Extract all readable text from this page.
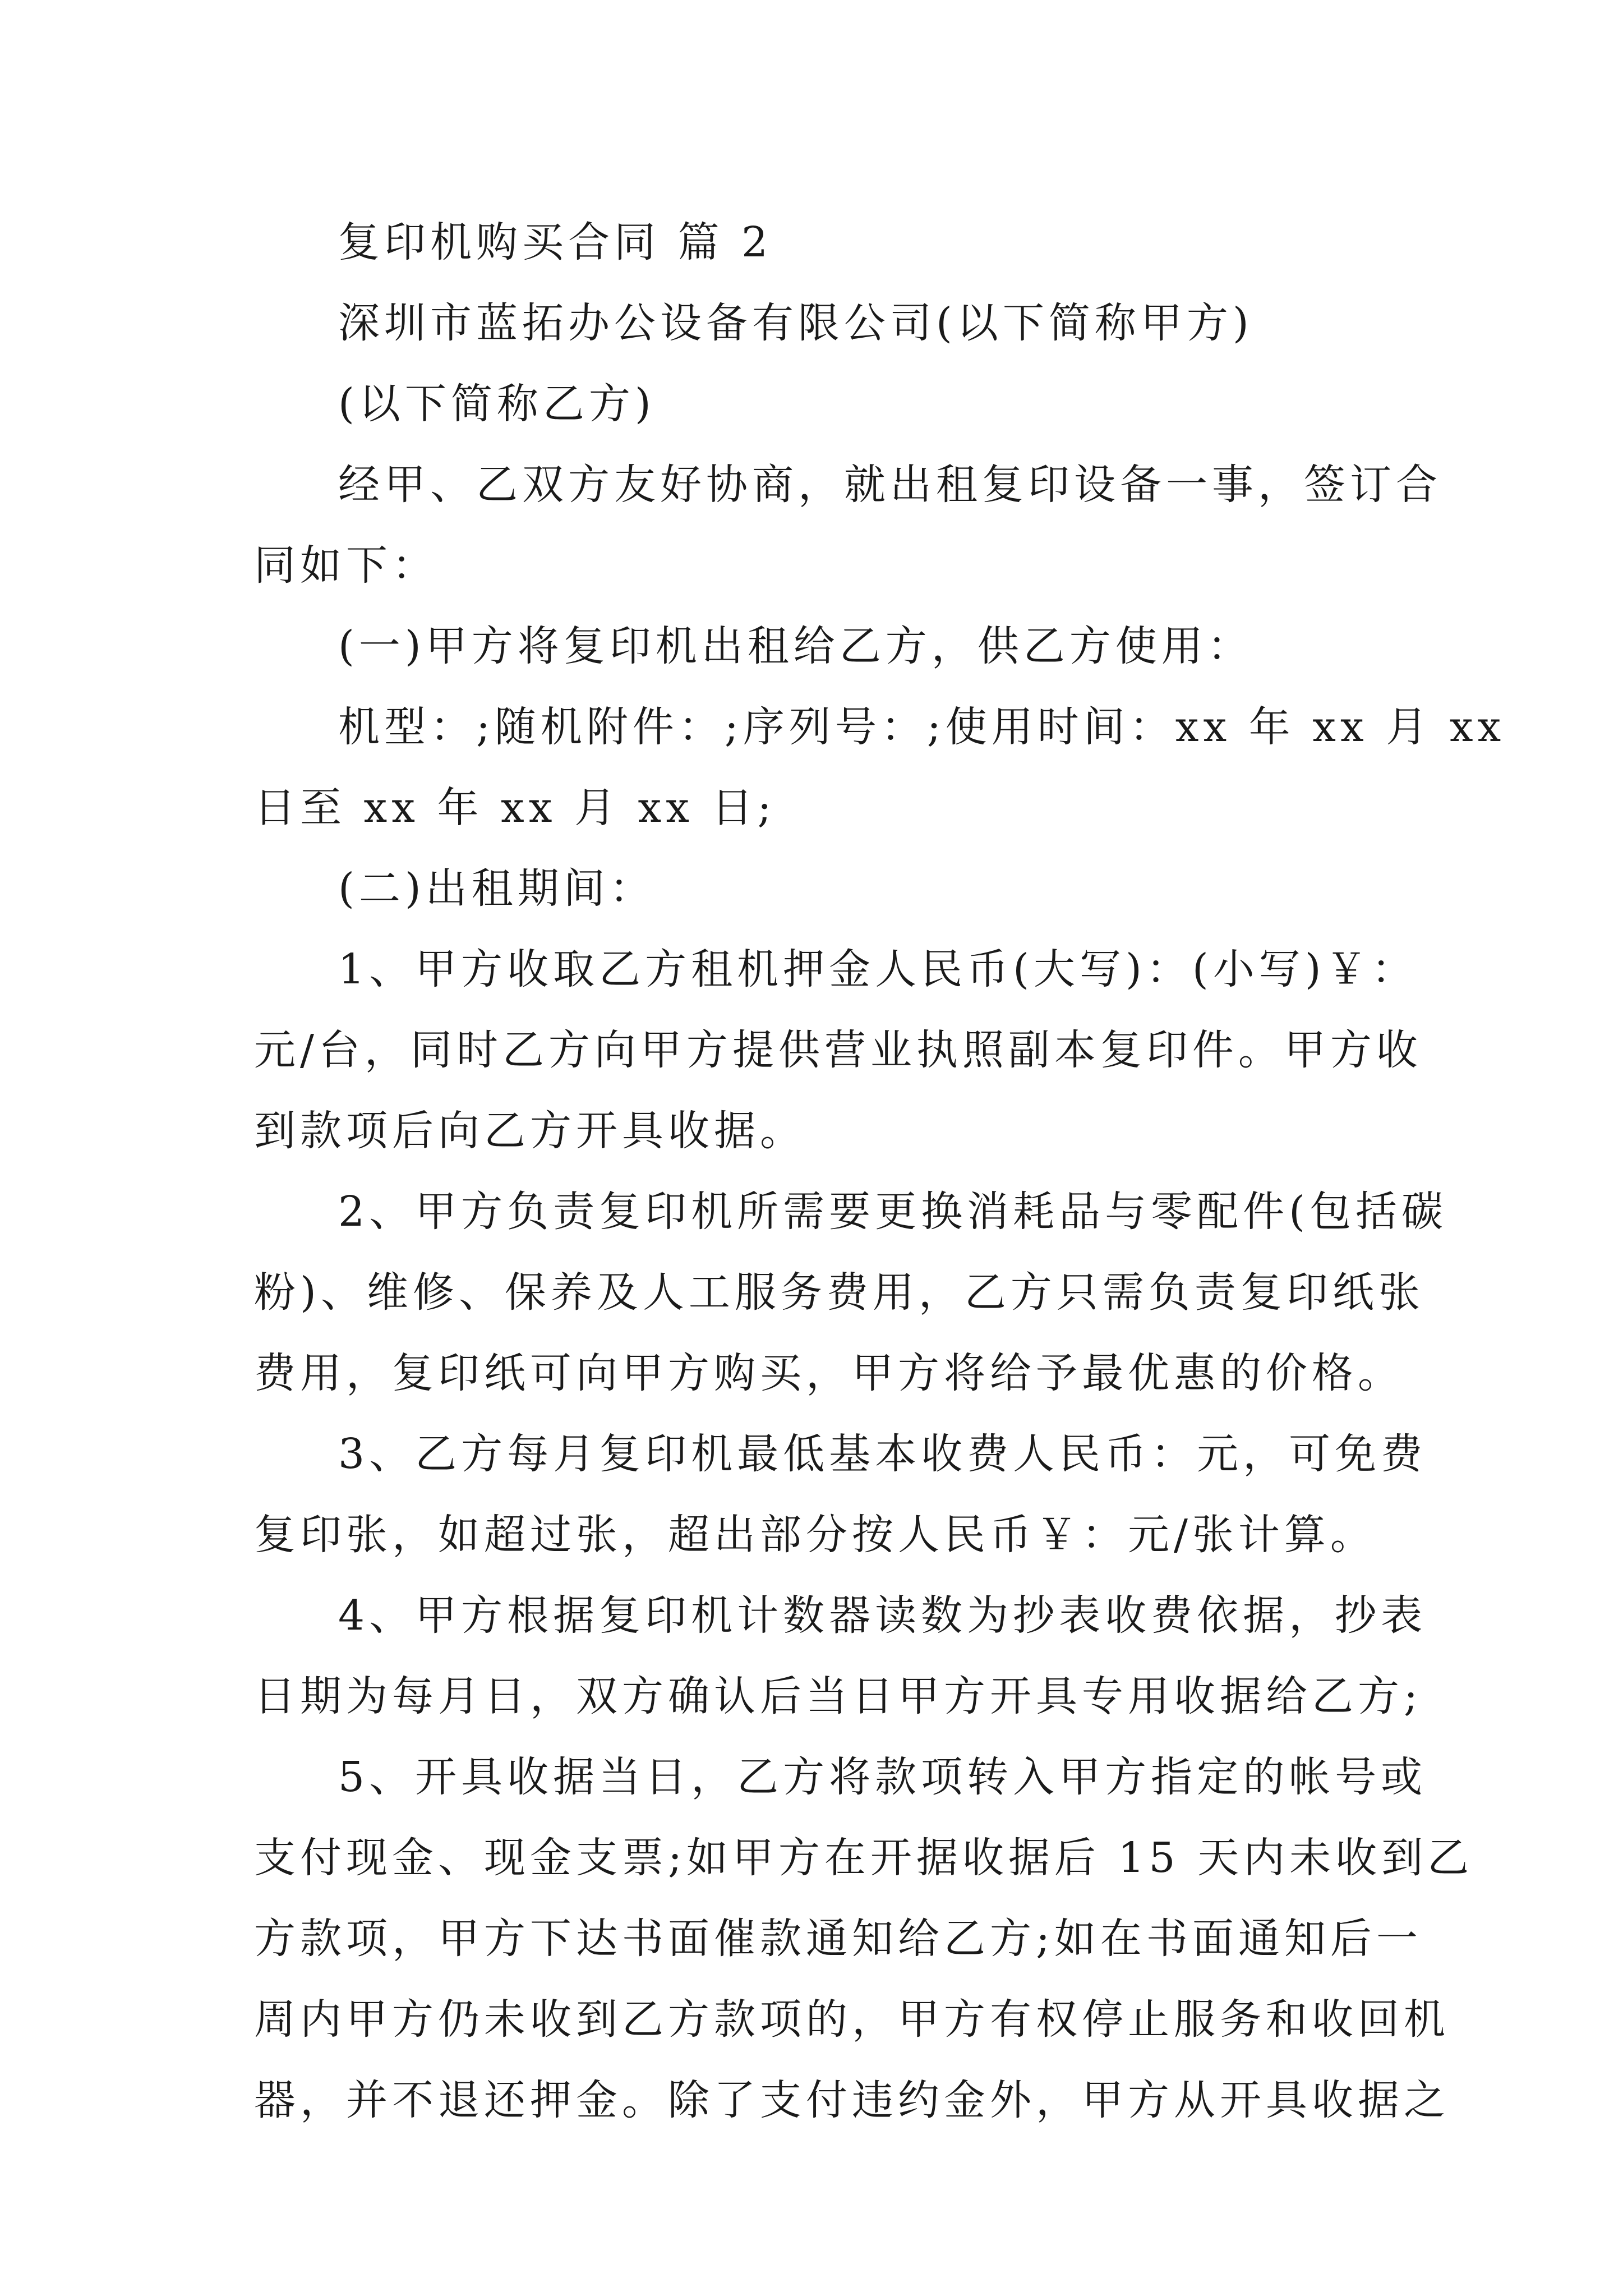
复印机购买合同 篇 2
深圳市蓝拓办公设备有限公司(以下简称甲方)
(以下简称乙方)
经甲、乙双方友好协商，就出租复印设备一事，签订合
同如下：
(一)甲方将复印机出租给乙方，供乙方使用：
机型：;随机附件：;序列号：;使用时间：xx 年 xx 月 xx
日至 xx 年 xx 月 xx 日;
(二)出租期间：
1、甲方收取乙方租机押金人民币(大写)：(小写)￥：
元/台，同时乙方向甲方提供营业执照副本复印件。甲方收
到款项后向乙方开具收据。
2、甲方负责复印机所需要更换消耗品与零配件(包括碳
粉)、维修、保养及人工服务费用，乙方只需负责复印纸张
费用，复印纸可向甲方购买，甲方将给予最优惠的价格。
3、乙方每月复印机最低基本收费人民币：元，可免费
复印张，如超过张，超出部分按人民币￥：元/张计算。
4、甲方根据复印机计数器读数为抄表收费依据，抄表
日期为每月日，双方确认后当日甲方开具专用收据给乙方;
5、开具收据当日，乙方将款项转入甲方指定的帐号或
支付现金、现金支票;如甲方在开据收据后 15 天内未收到乙
方款项，甲方下达书面催款通知给乙方;如在书面通知后一
周内甲方仍未收到乙方款项的，甲方有权停止服务和收回机
器，并不退还押金。除了支付违约金外，甲方从开具收据之
